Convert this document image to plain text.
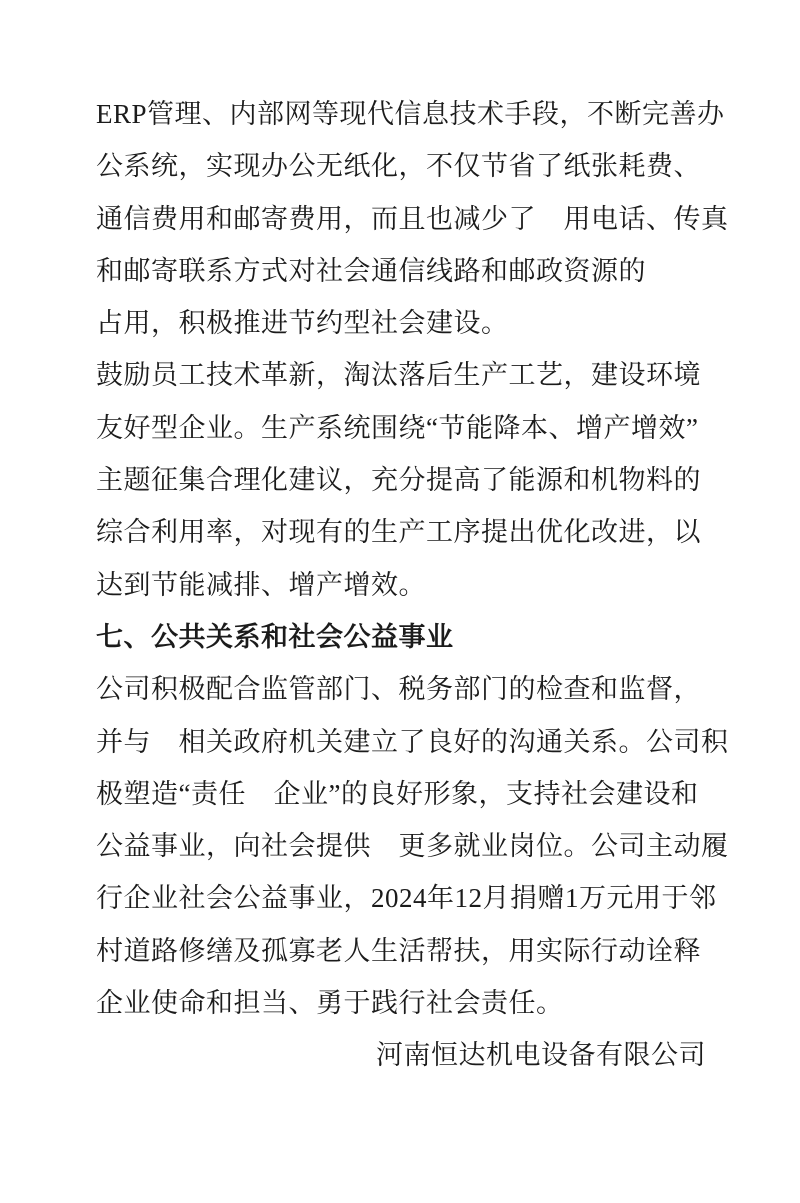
ERP管理、内部网等现代信息技术手段，不断完善办
公系统，实现办公无纸化，不仅节省了纸张耗费、
通信费用和邮寄费用，而且也减少了　用电话、传真
和邮寄联系方式对社会通信线路和邮政资源的
占用，积极推进节约型社会建设。
鼓励员工技术革新，淘汰落后生产工艺，建设环境
友好型企业。生产系统围绕“节能降本、增产增效”
主题征集合理化建议，充分提高了能源和机物料的
综合利用率，对现有的生产工序提出优化改进，以
达到节能减排、增产增效。
七、公共关系和社会公益事业
公司积极配合监管部门、税务部门的检查和监督，
并与　相关政府机关建立了良好的沟通关系。公司积
极塑造“责任　企业”的良好形象，支持社会建设和
公益事业，向社会提供　更多就业岗位。公司主动履
行企业社会公益事业，2024年12月捐赠1万元用于邻
村道路修缮及孤寡老人生活帮扶，用实际行动诠释
企业使命和担当、勇于践行社会责任。
河南恒达机电设备有限公司
